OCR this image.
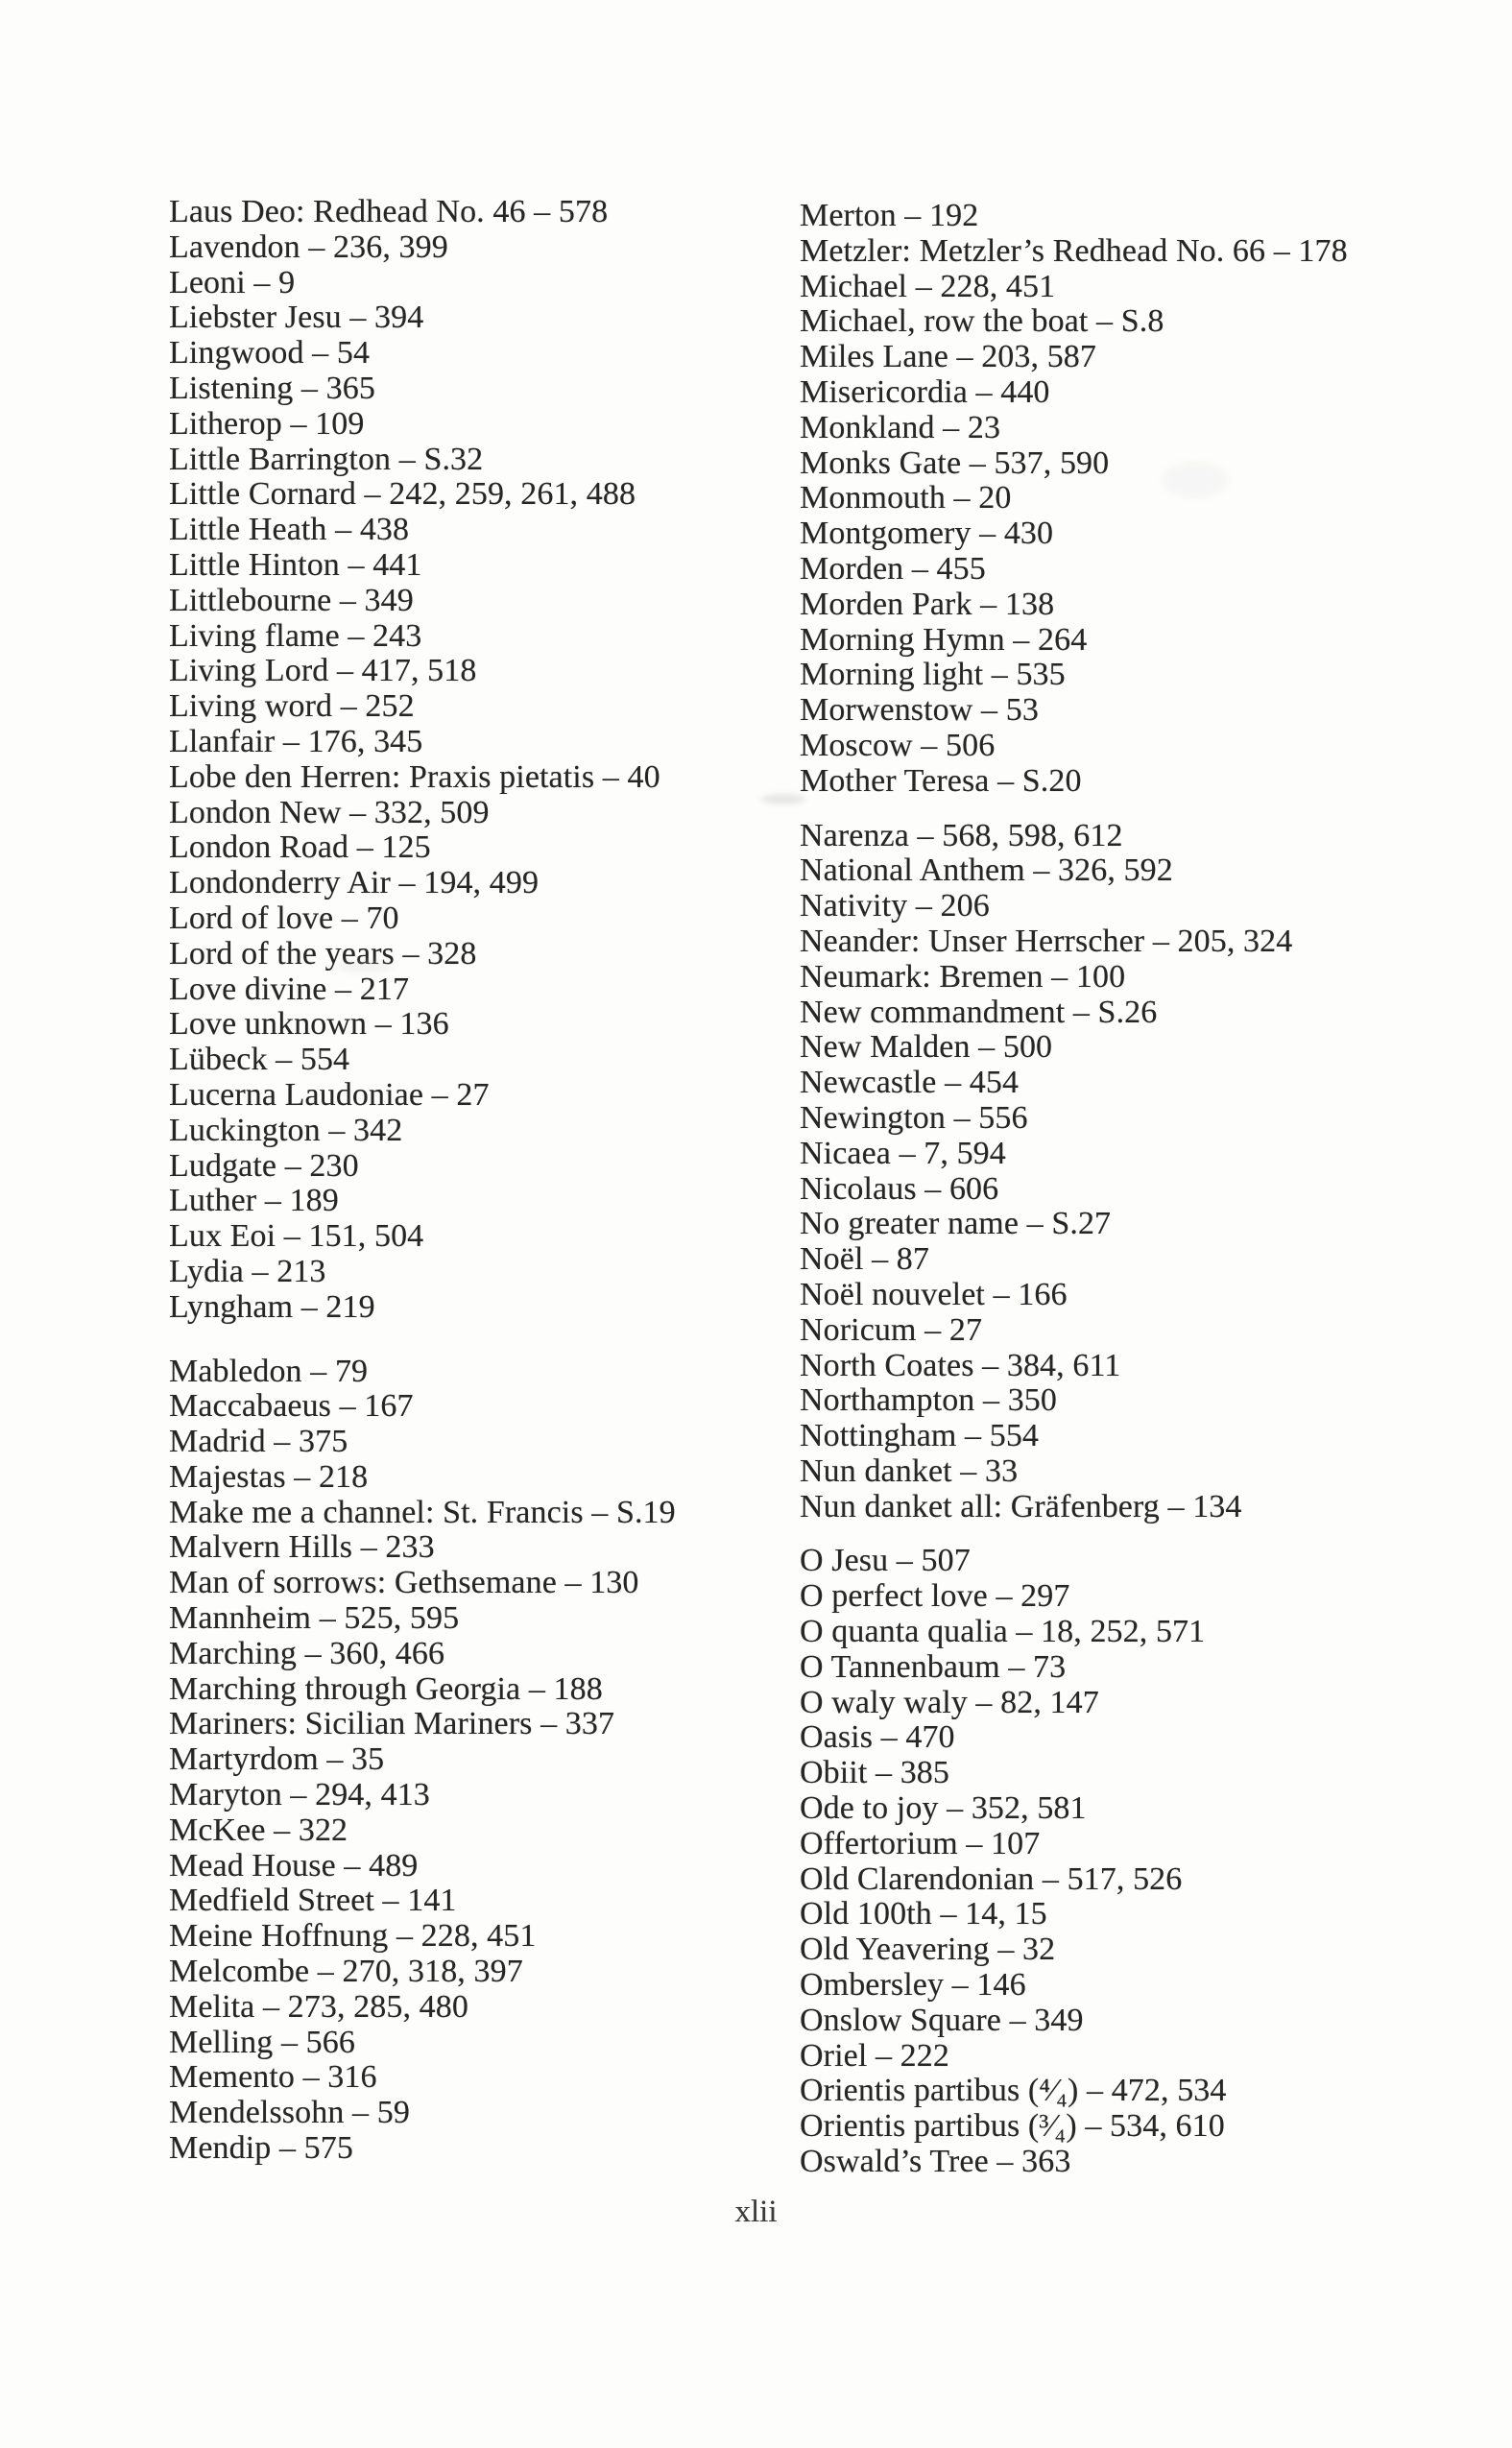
Laus Deo: Redhead No. 46 – 578
Lavendon – 236, 399
Leoni – 9
Liebster Jesu – 394
Lingwood – 54
Listening – 365
Litherop – 109
Little Barrington – S.32
Little Cornard – 242, 259, 261, 488
Little Heath – 438
Little Hinton – 441
Littlebourne – 349
Living flame – 243
Living Lord – 417, 518
Living word – 252
Llanfair – 176, 345
Lobe den Herren: Praxis pietatis – 40
London New – 332, 509
London Road – 125
Londonderry Air – 194, 499
Lord of love – 70
Lord of the years – 328
Love divine – 217
Love unknown – 136
Lübeck – 554
Lucerna Laudoniae – 27
Luckington – 342
Ludgate – 230
Luther – 189
Lux Eoi – 151, 504
Lydia – 213
Lyngham – 219
Mabledon – 79
Maccabaeus – 167
Madrid – 375
Majestas – 218
Make me a channel: St. Francis – S.19
Malvern Hills – 233
Man of sorrows: Gethsemane – 130
Mannheim – 525, 595
Marching – 360, 466
Marching through Georgia – 188
Mariners: Sicilian Mariners – 337
Martyrdom – 35
Maryton – 294, 413
McKee – 322
Mead House – 489
Medfield Street – 141
Meine Hoffnung – 228, 451
Melcombe – 270, 318, 397
Melita – 273, 285, 480
Melling – 566
Memento – 316
Mendelssohn – 59
Mendip – 575
Merton – 192
Metzler: Metzler’s Redhead No. 66 – 178
Michael – 228, 451
Michael, row the boat – S.8
Miles Lane – 203, 587
Misericordia – 440
Monkland – 23
Monks Gate – 537, 590
Monmouth – 20
Montgomery – 430
Morden – 455
Morden Park – 138
Morning Hymn – 264
Morning light – 535
Morwenstow – 53
Moscow – 506
Mother Teresa – S.20
Narenza – 568, 598, 612
National Anthem – 326, 592
Nativity – 206
Neander: Unser Herrscher – 205, 324
Neumark: Bremen – 100
New commandment – S.26
New Malden – 500
Newcastle – 454
Newington – 556
Nicaea – 7, 594
Nicolaus – 606
No greater name – S.27
Noël – 87
Noël nouvelet – 166
Noricum – 27
North Coates – 384, 611
Northampton – 350
Nottingham – 554
Nun danket – 33
Nun danket all: Gräfenberg – 134
O Jesu – 507
O perfect love – 297
O quanta qualia – 18, 252, 571
O Tannenbaum – 73
O waly waly – 82, 147
Oasis – 470
Obiit – 385
Ode to joy – 352, 581
Offertorium – 107
Old Clarendonian – 517, 526
Old 100th – 14, 15
Old Yeavering – 32
Ombersley – 146
Onslow Square – 349
Oriel – 222
Orientis partibus (⁴⁄₄) – 472, 534
Orientis partibus (³⁄₄) – 534, 610
Oswald’s Tree – 363
xlii
